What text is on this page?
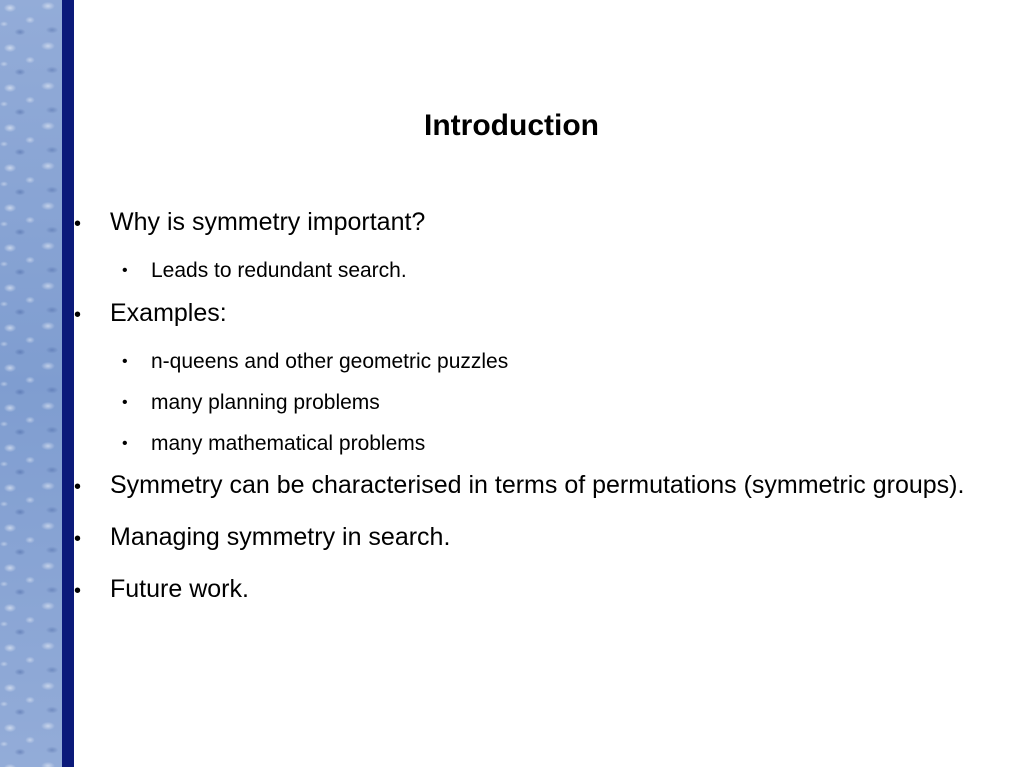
Introduction
• Why is symmetry important?
• Leads to redundant search.
• Examples:
• n-queens and other geometric puzzles
• many planning problems
• many mathematical problems
• Symmetry can be characterised in terms of permutations (symmetric groups).
• Managing symmetry in search.
• Future work.
